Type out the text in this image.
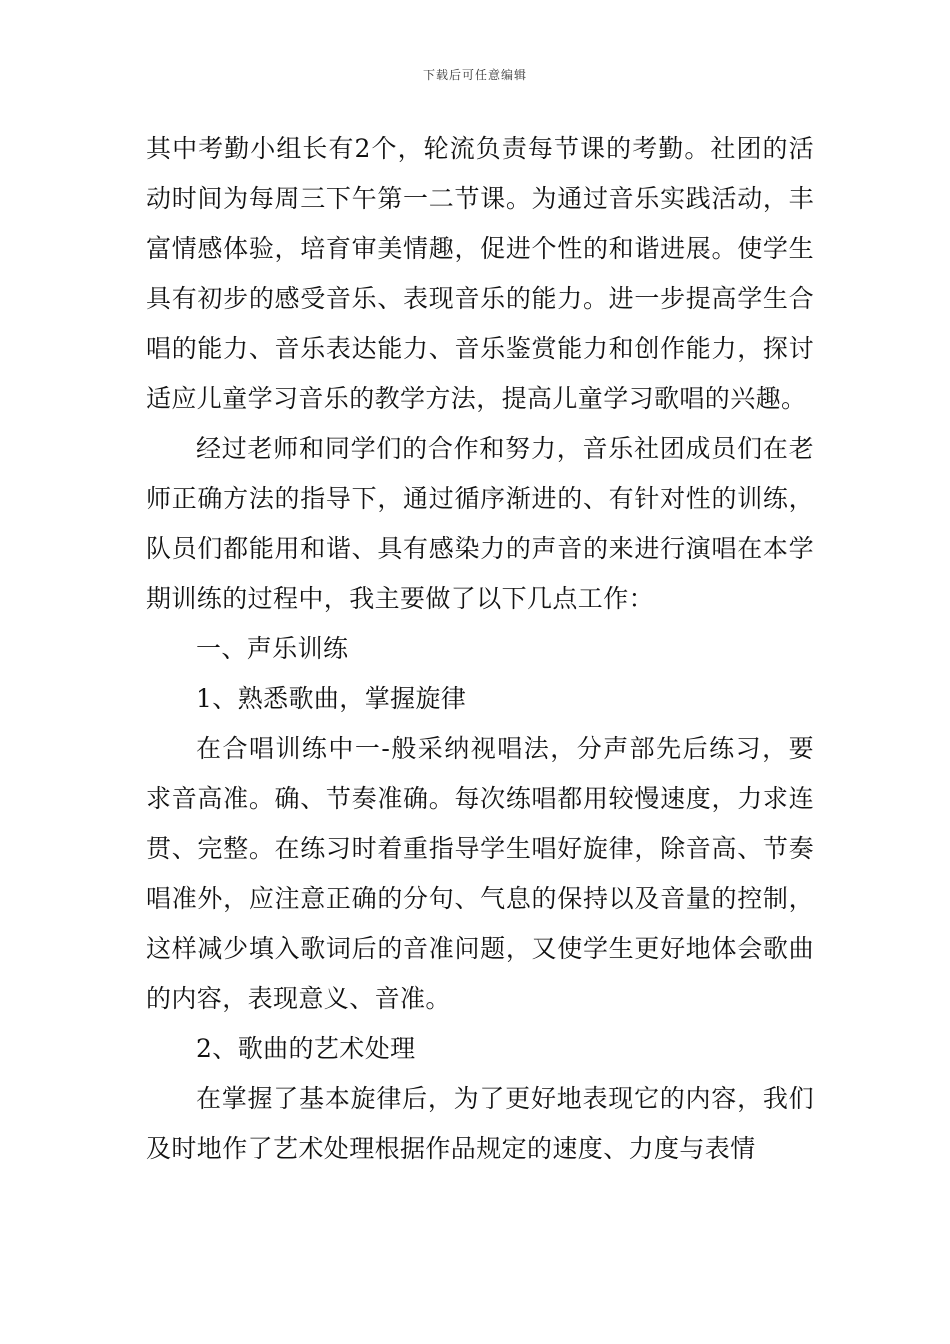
下载后可任意编辑

其中考勤小组长有2个，轮流负责每节课的考勤。社团的活动时间为每周三下午第一二节课。为通过音乐实践活动，丰富情感体验，培育审美情趣，促进个性的和谐进展。使学生具有初步的感受音乐、表现音乐的能力。进一步提高学生合唱的能力、音乐表达能力、音乐鉴赏能力和创作能力，探讨适应儿童学习音乐的教学方法，提高儿童学习歌唱的兴趣。

经过老师和同学们的合作和努力，音乐社团成员们在老师正确方法的指导下，通过循序渐进的、有针对性的训练，队员们都能用和谐、具有感染力的声音的来进行演唱在本学期训练的过程中，我主要做了以下几点工作：

一、声乐训练

1、熟悉歌曲，掌握旋律

在合唱训练中一-般采纳视唱法，分声部先后练习，要求音高准。确、节奏准确。每次练唱都用较慢速度，力求连贯、完整。在练习时着重指导学生唱好旋律，除音高、节奏唱准外，应注意正确的分句、气息的保持以及音量的控制，这样减少填入歌词后的音准问题，又使学生更好地体会歌曲的内容，表现意义、音准。

2、歌曲的艺术处理

在掌握了基本旋律后，为了更好地表现它的内容，我们及时地作了艺术处理根据作品规定的速度、力度与表情
